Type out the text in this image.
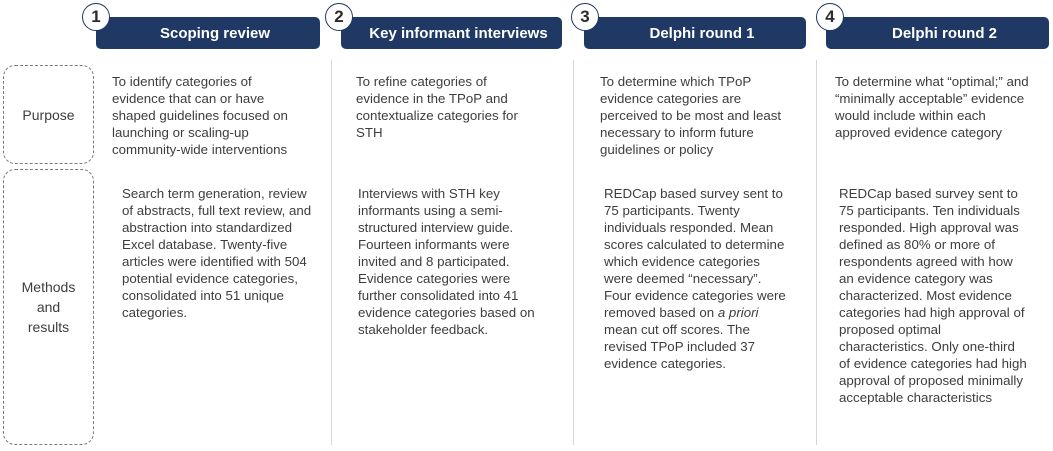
Purpose
Methods and results
1
Scoping review
To identify categories of evidence that can or have shaped guidelines focused on launching or scaling-up community-wide interventions
Search term generation, review of abstracts, full text review, and abstraction into standardized Excel database. Twenty-five articles were identified with 504 potential evidence categories, consolidated into 51 unique categories.
2
Key informant interviews
To refine categories of evidence in the TPoP and contextualize categories for STH
Interviews with STH key informants using a semi-structured interview guide. Fourteen informants were invited and 8 participated. Evidence categories were further consolidated into 41 evidence categories based on stakeholder feedback.
3
Delphi round 1
To determine which TPoP evidence categories are perceived to be most and least necessary to inform future guidelines or policy
REDCap based survey sent to 75 participants. Twenty individuals responded. Mean scores calculated to determine which evidence categories were deemed “necessary”. Four evidence categories were removed based on a priori mean cut off scores. The revised TPoP included 37 evidence categories.
4
Delphi round 2
To determine what “optimal;” and “minimally acceptable” evidence would include within each approved evidence category
REDCap based survey sent to 75 participants. Ten individuals responded. High approval was defined as 80% or more of respondents agreed with how an evidence category was characterized. Most evidence categories had high approval of proposed optimal characteristics. Only one-third of evidence categories had high approval of proposed minimally acceptable characteristics
